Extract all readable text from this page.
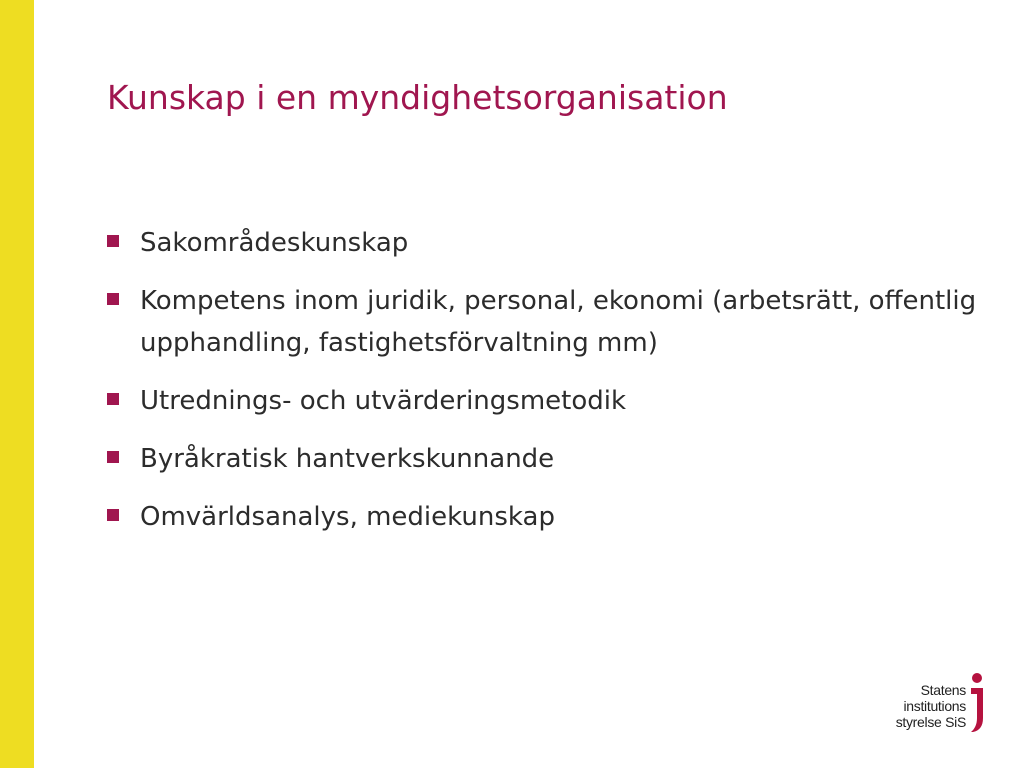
Kunskap i en myndighetsorganisation
Sakområdeskunskap
Kompetens inom juridik, personal, ekonomi (arbetsrätt, offentlig upphandling, fastighetsförvaltning mm)
Utrednings- och utvärderingsmetodik
Byråkratisk hantverkskunnande
Omvärldsanalys, mediekunskap
Statens
institutions
styrelse SiS
